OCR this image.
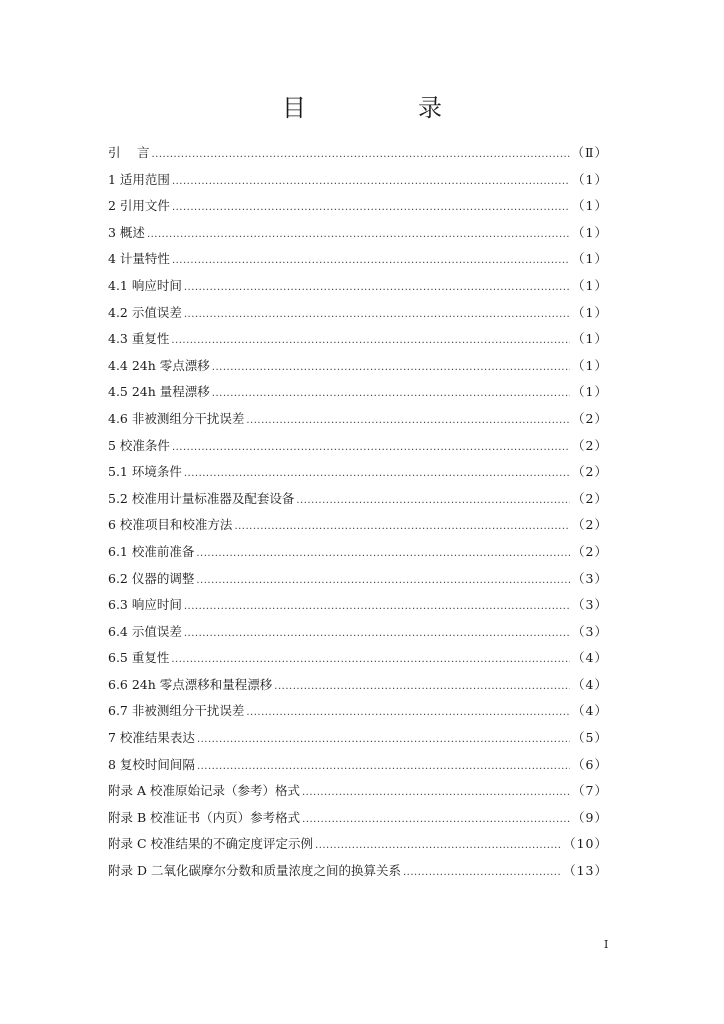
目　录
引　 言 .....	（Ⅱ）
1 适用范围 .....	（1）
2 引用文件 .....	（1）
3 概述 .....	（1）
4 计量特性 .....	（1）
4.1 响应时间 .....	（1）
4.2 示值误差 .....	（1）
4.3 重复性 .....	（1）
4.4 24h 零点漂移 .....	（1）
4.5 24h 量程漂移 .....	（1）
4.6 非被测组分干扰误差 .....	（2）
5 校准条件 .....	（2）
5.1 环境条件 .....	（2）
5.2 校准用计量标准器及配套设备 .....	（2）
6 校准项目和校准方法 .....	（2）
6.1 校准前准备 .....	（2）
6.2 仪器的调整 .....	（3）
6.3 响应时间 .....	（3）
6.4 示值误差 .....	（3）
6.5 重复性 .....	（4）
6.6 24h 零点漂移和量程漂移 .....	（4）
6.7 非被测组分干扰误差 .....	（4）
7 校准结果表达 .....	（5）
8 复校时间间隔 .....	（6）
附录 A 校准原始记录（参考）格式 .....	（7）
附录 B 校准证书（内页）参考格式 .....	（9）
附录 C 校准结果的不确定度评定示例 .....	（10）
附录 D 二氧化碳摩尔分数和质量浓度之间的换算关系 .....	（13）
I
